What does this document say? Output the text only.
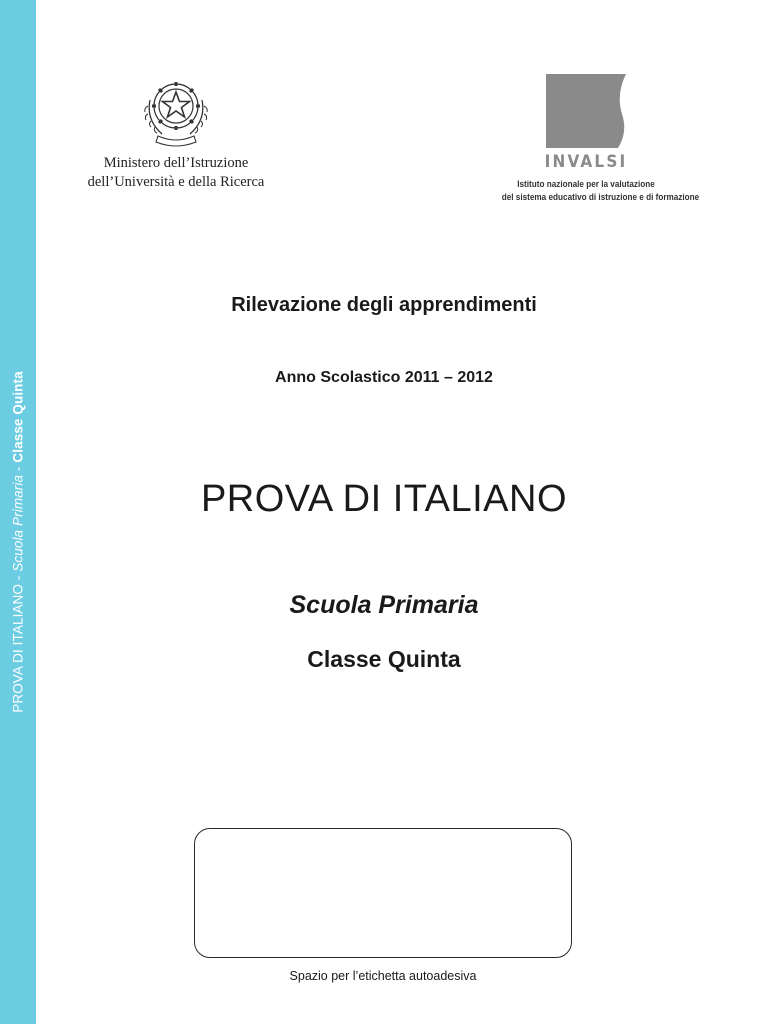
PROVA DI ITALIANO - Scuola Primaria - Classe Quinta
Ministero dell’Istruzione
dell’Università e della Ricerca
INVALSI
Istituto nazionale per la valutazione
del sistema educativo di istruzione e di formazione
Rilevazione degli apprendimenti
Anno Scolastico 2011 – 2012
PROVA DI ITALIANO
Scuola Primaria
Classe Quinta
Spazio per l’etichetta autoadesiva
